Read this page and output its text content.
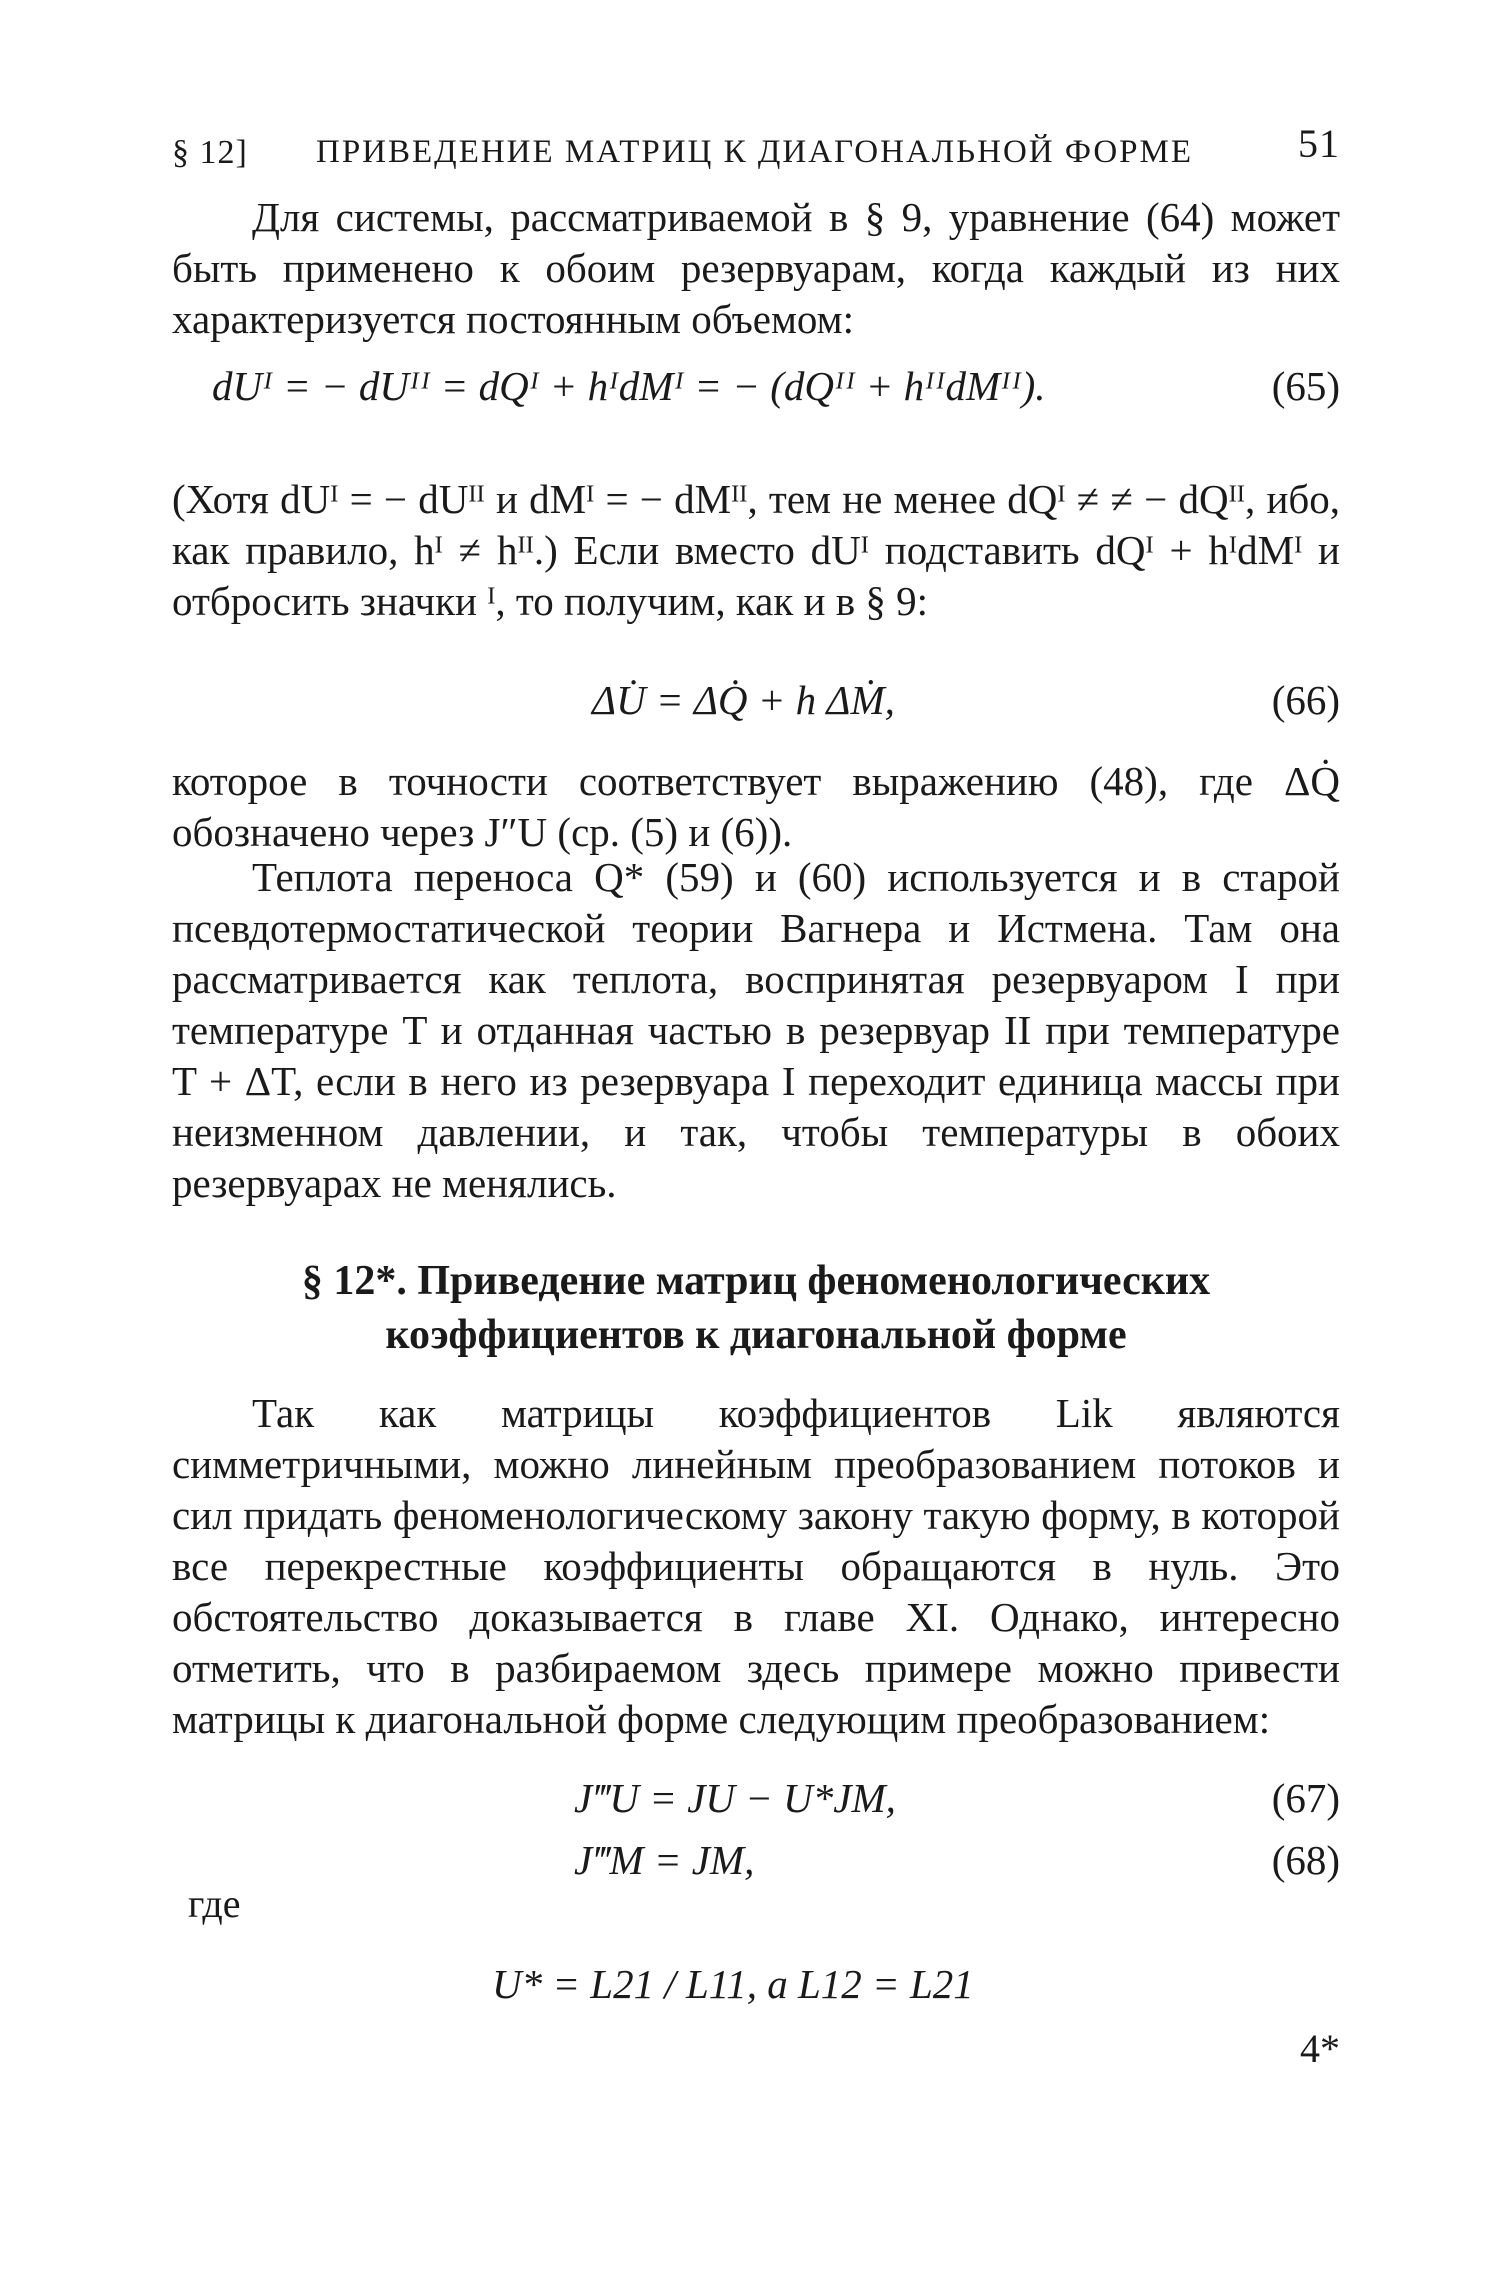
§ 12] ПРИВЕДЕНИЕ МАТРИЦ К ДИАГОНАЛЬНОЙ ФОРМЕ	51
Для системы, рассматриваемой в § 9, уравнение (64) может быть применено к обоим резервуарам, когда каждый из них характеризуется постоянным объемом:
dUᴵ = − dUᴵᴵ = dQᴵ + hᴵdMᴵ = − (dQᴵᴵ + hᴵᴵdMᴵᴵ).	(65)
(Хотя dUᴵ = − dUᴵᴵ и dMᴵ = − dMᴵᴵ, тем не менее dQᴵ ≠ ≠ − dQᴵᴵ, ибо, как правило, hᴵ ≠ hᴵᴵ.) Если вместо dUᴵ подставить dQᴵ + hᴵdMᴵ и отбросить значки ᴵ, то получим, как и в § 9:
ΔU̇ = ΔQ̇ + h ΔṀ,	(66)
которое в точности соответствует выражению (48), где ΔQ̇ обозначено через J″U (ср. (5) и (6)).
Теплота переноса Q* (59) и (60) используется и в старой псевдотермостатической теории Вагнера и Истмена. Там она рассматривается как теплота, воспринятая резервуаром I при температуре T и отданная частью в резервуар II при температуре T + ΔT, если в него из резервуара I переходит единица массы при неизменном давлении, и так, чтобы температуры в обоих резервуарах не менялись.
§ 12*. Приведение матриц феноменологических
коэффициентов к диагональной форме
Так как матрицы коэффициентов Lik являются симметричными, можно линейным преобразованием потоков и сил придать феноменологическому закону такую форму, в которой все перекрестные коэффициенты обращаются в нуль. Это обстоятельство доказывается в главе XI. Однако, интересно отметить, что в разбираемом здесь примере можно привести матрицы к диагональной форме следующим преобразованием:
J‴U = JU − U*JM,	(67)
J‴M = JM,	(68)
где
U* = L21 / L11, а L12 = L21
4*
